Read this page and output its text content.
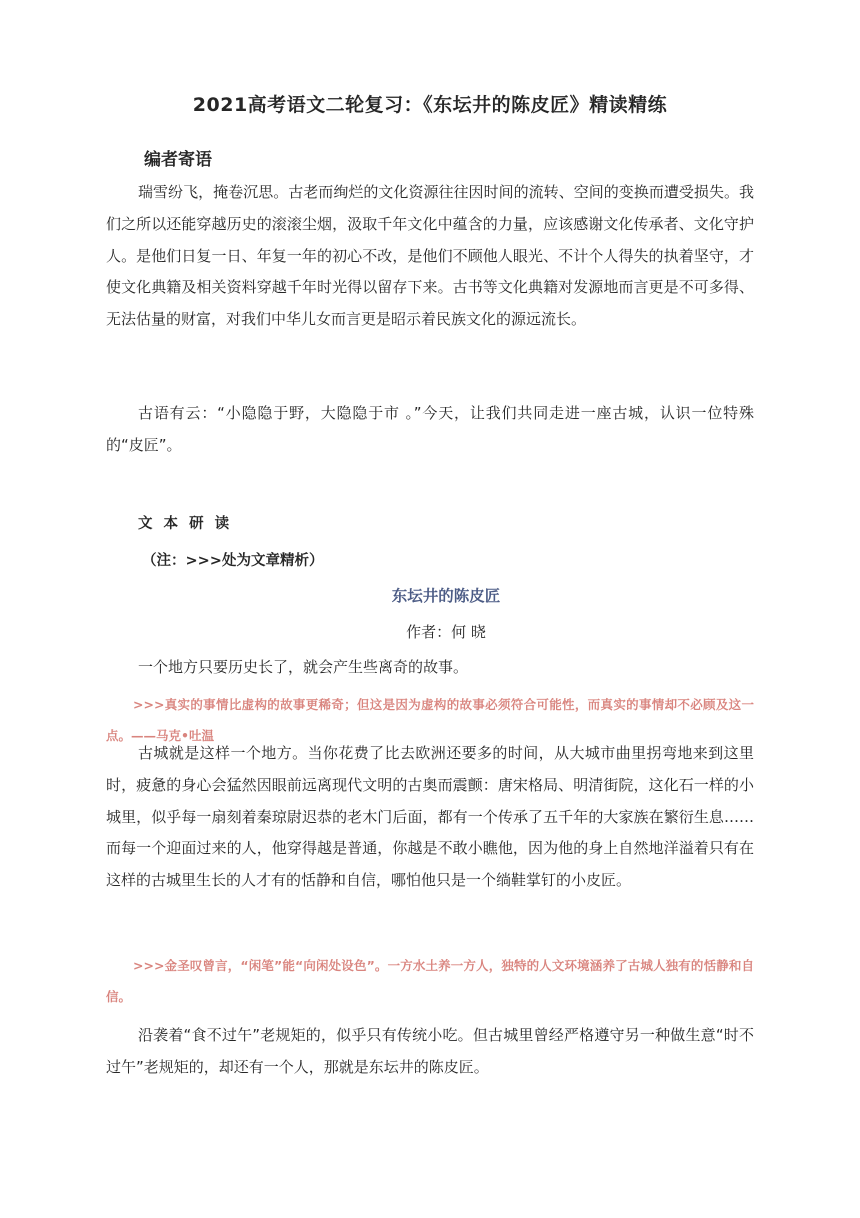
2021高考语文二轮复习：《东坛井的陈皮匠》精读精练
编者寄语

瑞雪纷飞，掩卷沉思。古老而绚烂的文化资源往往因时间的流转、空间的变换而遭受损失。我们之所以还能穿越历史的滚滚尘烟，汲取千年文化中蕴含的力量，应该感谢文化传承者、文化守护人。是他们日复一日、年复一年的初心不改，是他们不顾他人眼光、不计个人得失的执着坚守，才使文化典籍及相关资料穿越千年时光得以留存下来。古书等文化典籍对发源地而言更是不可多得、无法估量的财富，对我们中华儿女而言更是昭示着民族文化的源远流长。

古语有云：“小隐隐于野，大隐隐于市 。”今天，让我们共同走进一座古城，认识一位特殊的“皮匠”。

文 本 研 读

（注：>>>处为文章精析）

东坛井的陈皮匠

作者：何 晓

一个地方只要历史长了，就会产生些离奇的故事。

>>>真实的事情比虚构的故事更稀奇；但这是因为虚构的故事必须符合可能性，而真实的事情却不必顾及这一点。——马克•吐温

古城就是这样一个地方。当你花费了比去欧洲还要多的时间，从大城市曲里拐弯地来到这里时，疲惫的身心会猛然因眼前远离现代文明的古奥而震颤：唐宋格局、明清街院，这化石一样的小城里，似乎每一扇刻着秦琼尉迟恭的老木门后面，都有一个传承了五千年的大家族在繁衍生息……而每一个迎面过来的人，他穿得越是普通，你越是不敢小瞧他，因为他的身上自然地洋溢着只有在这样的古城里生长的人才有的恬静和自信，哪怕他只是一个绱鞋掌钉的小皮匠。

>>>金圣叹曾言，“闲笔”能“向闲处设色”。一方水土养一方人，独特的人文环境涵养了古城人独有的恬静和自信。

沿袭着“食不过午”老规矩的，似乎只有传统小吃。但古城里曾经严格遵守另一种做生意“时不过午”老规矩的，却还有一个人，那就是东坛井的陈皮匠。
